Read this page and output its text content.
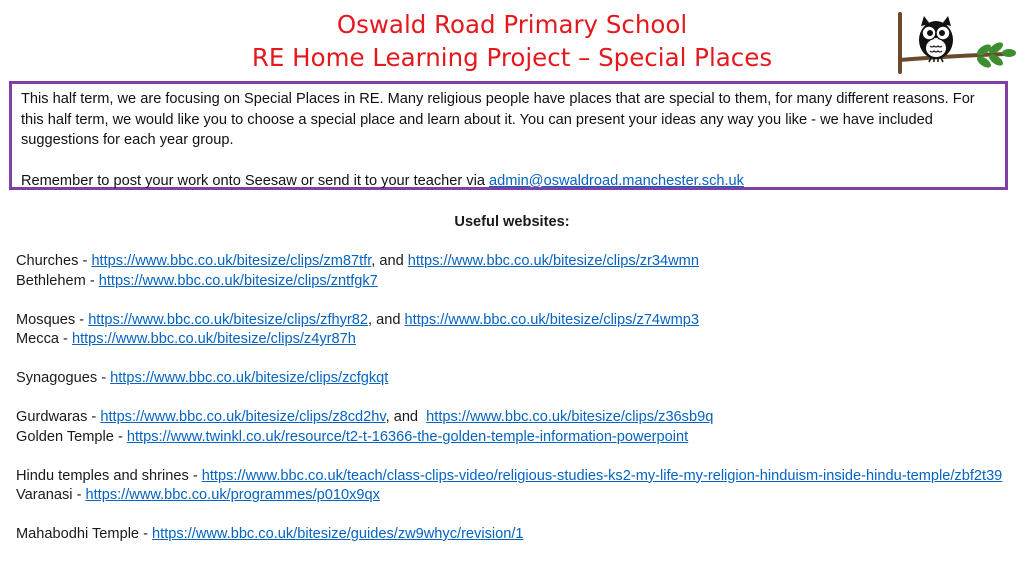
Oswald Road Primary School
RE Home Learning Project – Special Places

This half term, we are focusing on Special Places in RE. Many religious people have places that are special to them, for many different reasons. For this half term, we would like you to choose a special place and learn about it. You can present your ideas any way you like - we have included suggestions for each year group.

Remember to post your work onto Seesaw or send it to your teacher via admin@oswaldroad.manchester.sch.uk

Useful websites:

Churches - https://www.bbc.co.uk/bitesize/clips/zm87tfr, and https://www.bbc.co.uk/bitesize/clips/zr34wmn

Bethlehem - https://www.bbc.co.uk/bitesize/clips/zntfgk7

Mosques - https://www.bbc.co.uk/bitesize/clips/zfhyr82, and https://www.bbc.co.uk/bitesize/clips/z74wmp3

Mecca - https://www.bbc.co.uk/bitesize/clips/z4yr87h

Synagogues - https://www.bbc.co.uk/bitesize/clips/zcfgkqt

Gurdwaras - https://www.bbc.co.uk/bitesize/clips/z8cd2hv, and  https://www.bbc.co.uk/bitesize/clips/z36sb9q

Golden Temple - https://www.twinkl.co.uk/resource/t2-t-16366-the-golden-temple-information-powerpoint

Hindu temples and shrines - https://www.bbc.co.uk/teach/class-clips-video/religious-studies-ks2-my-life-my-religion-hinduism-inside-hindu-temple/zbf2t39

Varanasi - https://www.bbc.co.uk/programmes/p010x9qx

Mahabodhi Temple - https://www.bbc.co.uk/bitesize/guides/zw9whyc/revision/1
